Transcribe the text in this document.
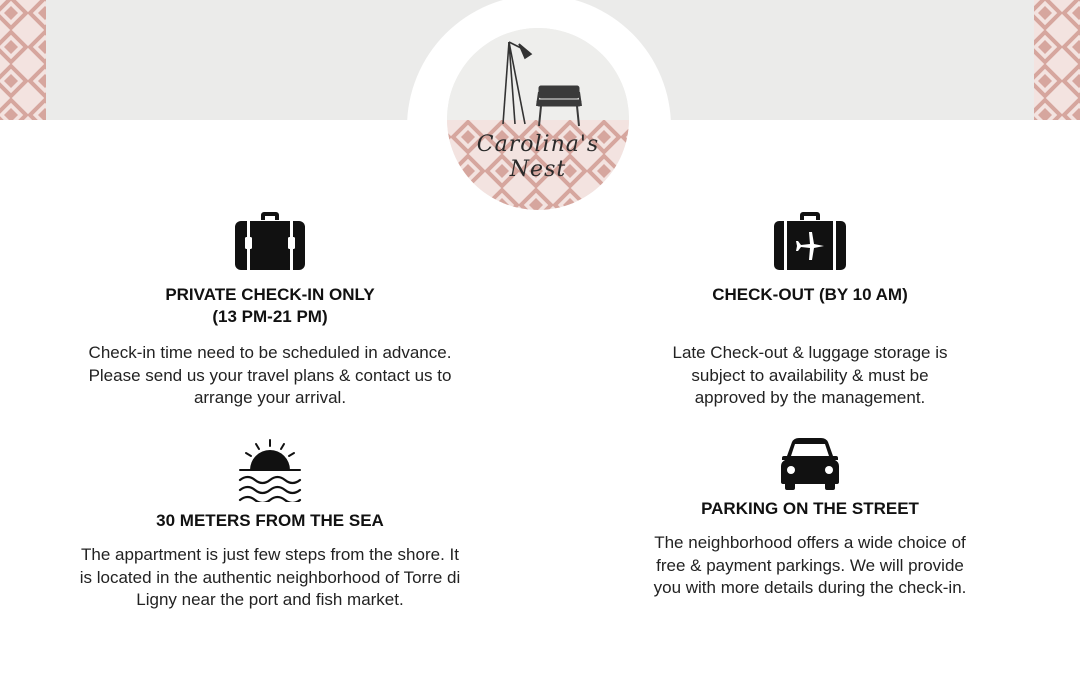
Carolina's Nest
PRIVATE CHECK-IN ONLY
(13 PM-21 PM)
Check-in time need to be scheduled in advance.
Please send us your travel plans & contact us to
arrange your arrival.
CHECK-OUT (BY 10 AM)
Late Check-out & luggage storage is
subject to availability & must be
approved by the management.
30 METERS FROM THE SEA
The appartment is just few steps from the shore. It
is located in the authentic neighborhood of Torre di
Ligny near the port and fish market.
PARKING ON THE STREET
The neighborhood offers a wide choice of
free & payment parkings. We will provide
you with more details during the check-in.
